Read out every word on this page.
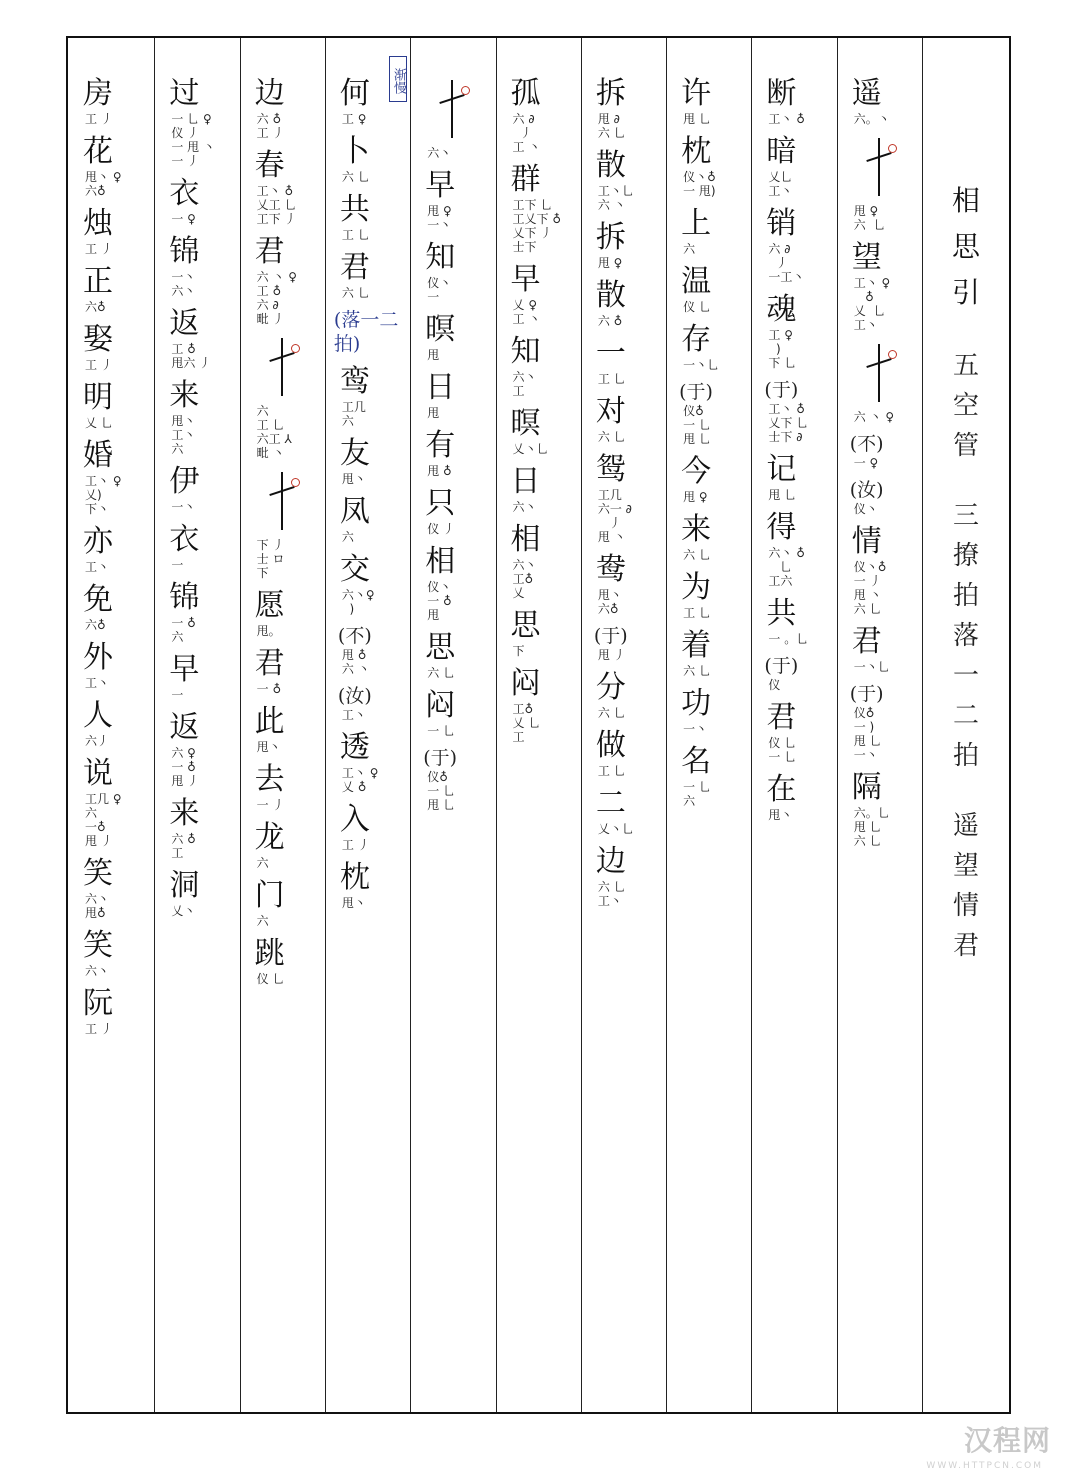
相
思
引
五
空
管
三
撩
拍
落
一
二
拍
遥
望
情
君
遥
六。丶
甩 ♀
六  乚
望
工丶 ♀
♁
乂  乚
工丶
六 丶 ♀
(不)
一 ♀
(汝)
仪丶
情
仪丶♁
一 丿
甩 丶
六 乚
君
一丶乚
(于)
仪♁
一 )
甩 乚
一丶
隔
六。乚
甩 乚
六 乚
断
工丶 ♁
暗
乂乚
工丶
销
六 ∂
丿
一工丶
魂
工 ♀
)
下 乚
(于)
工丶 ♁
乂下 乚
士下 ∂
记
甩 乚
得
六丶 ♁
乚
工六
共
一 。乚
(于)
仪
君
仪 乚
一 乚
在
甩丶
许
甩 乚
枕
仪丶♁
一 甩)
上
六
温
仪 乚
存
一丶乚
(于)
仪♁
一 乚
甩 乚
今
甩 ♀
来
六 乚
为
工 乚
着
六 乚
功
一丶
名
一 乚
六
拆
甩 ∂
六 乚
散
工丶乚
六 丶
拆
甩 ♀
散
六 ♁
一
工 乚
对
六 乚
鸳
工几
六一 ∂
丿
甩 丶
鸯
甩丶
六♁
(于)
甩 丿
分
六 乚
做
工 乚
二
乂丶乚
边
六 乚
工丶
孤
六 ∂
丿
工 丶
群
工下 乚
工乂下 ♁
乂下 丿
士下
早
乂 ♀
工 丶
知
六丶
工
暝
乂丶乚
日
六丶
相
六丶
工♁
乂
思
下
闷
工♁
乂 乚
工
六丶
早
甩 ♀
一丶
知
仪丶
一
暝
甩
日
甩
有
甩 ♁
只
仪 丿
相
仪丶
一 ♁
甩
思
六 乚
闷
一 乚
(于)
仪♁
一 乚
甩 乚
渐慢
何
工 ♀
卜
六 乚
共
工 乚
君
六 乚
(落一二拍)
鸾
工几
六
友
甩丶
凤
六
交
六丶♀
)
(不)
甩 ♁
六 丶
(汝)
工丶
透
工丶 ♀
乂 ♁
入
工 丿
枕
甩丶
边
六 ♁
工 丿
春
工丶 ♁
乂工 乚
工下 丿
君
六 丶 ♀
工 ♁
六 ∂
毗 丿
六
工 乚
六工 ⅄
毗 丶
下 丿
士 ロ
下
愿
甩。
君
一 ♁
此
甩丶
去
一 丿
龙
六
门
六
跳
仪 乚
过
一 乚 ♀
仪 丿
一 甩 丶
一 丿
衣
一 ♀
锦
一丶
六丶
返
工 ♁
甩六 丿
来
甩丶
工丶
六
伊
一丶
衣
一
锦
一 ♁
六
早
一
返
六 ♀
一 ♁
甩 丿
来
六 ♁
工
洞
乂丶
房
工 丿
花
甩丶 ♀
六♁
烛
工 丿
正
六♁
娶
工 丿
明
乂 乚
婚
工丶 ♀
乂)
下丶
亦
工丶
免
六♁
外
工丶
人
六丿
说
工几 ♀
六
一♁
甩 丿
笑
六丶
甩♁
笑
六丶
阮
工 丿
汉程网
WWW.HTTPCN.COM
